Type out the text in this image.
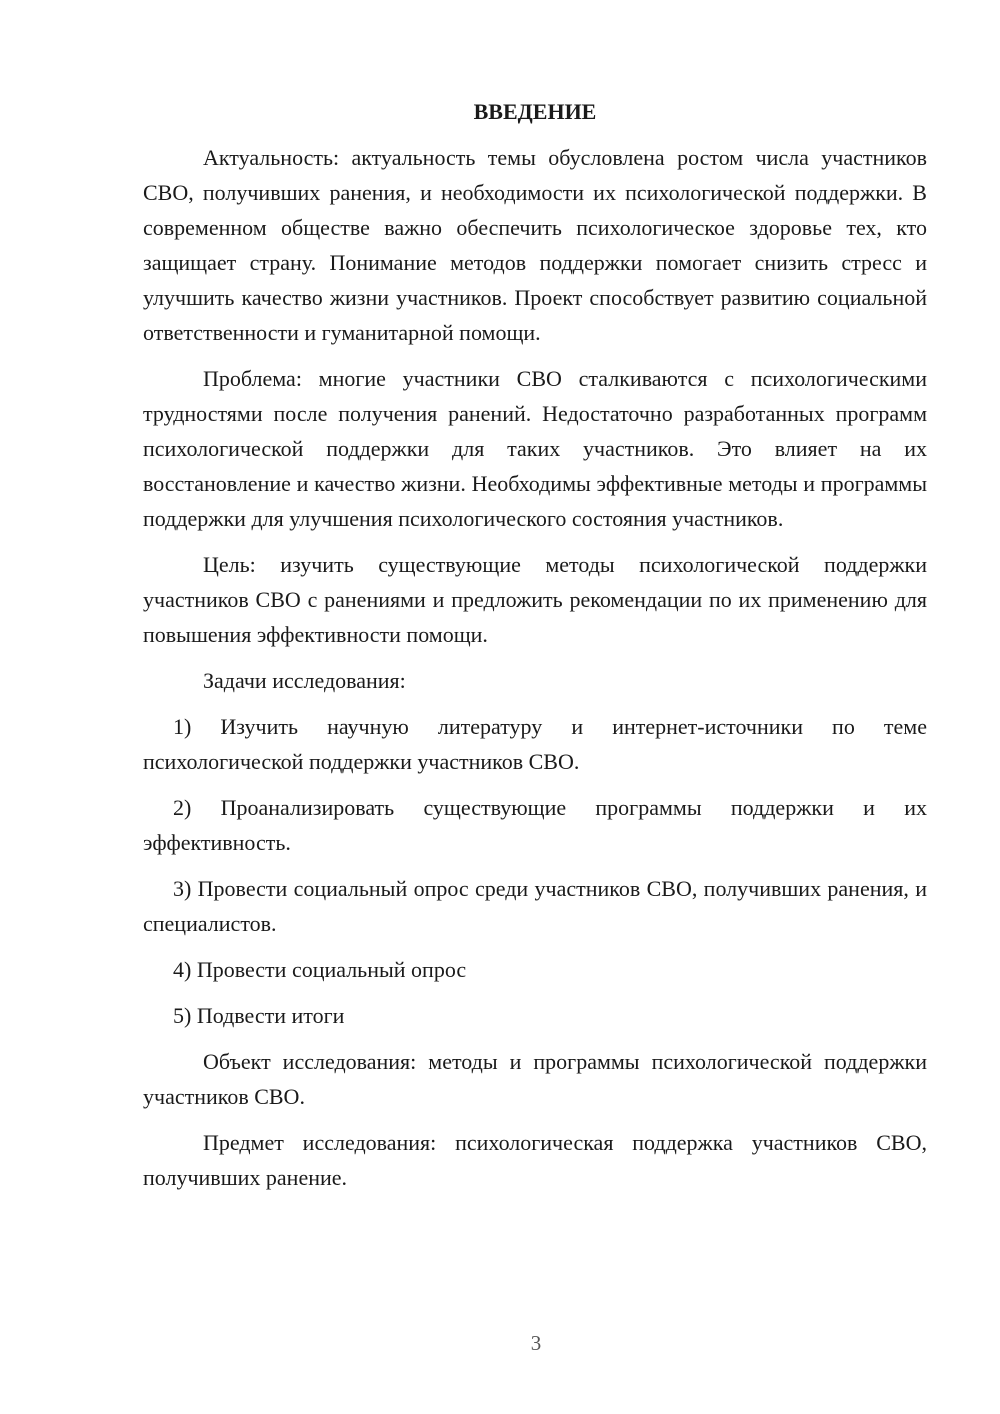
ВВЕДЕНИЕ
Актуальность: актуальность темы обусловлена ростом числа участников СВО, получивших ранения, и необходимости их психологической поддержки. В современном обществе важно обеспечить психологическое здоровье тех, кто защищает страну. Понимание методов поддержки помогает снизить стресс и улучшить качество жизни участников. Проект способствует развитию социальной ответственности и гуманитарной помощи.
Проблема: многие участники СВО сталкиваются с психологическими трудностями после получения ранений. Недостаточно разработанных программ психологической поддержки для таких участников. Это влияет на их восстановление и качество жизни. Необходимы эффективные методы и программы поддержки для улучшения психологического состояния участников.
Цель: изучить существующие методы психологической поддержки участников СВО с ранениями и предложить рекомендации по их применению для повышения эффективности помощи.
Задачи исследования:
1) Изучить научную литературу и интернет-источники по теме психологической поддержки участников СВО.
2) Проанализировать существующие программы поддержки и их эффективность.
3) Провести социальный опрос среди участников СВО, получивших ранения, и специалистов.
4) Провести социальный опрос
5) Подвести итоги
Объект исследования: методы и программы психологической поддержки участников СВО.
Предмет исследования: психологическая поддержка участников СВО, получивших ранение.
3
